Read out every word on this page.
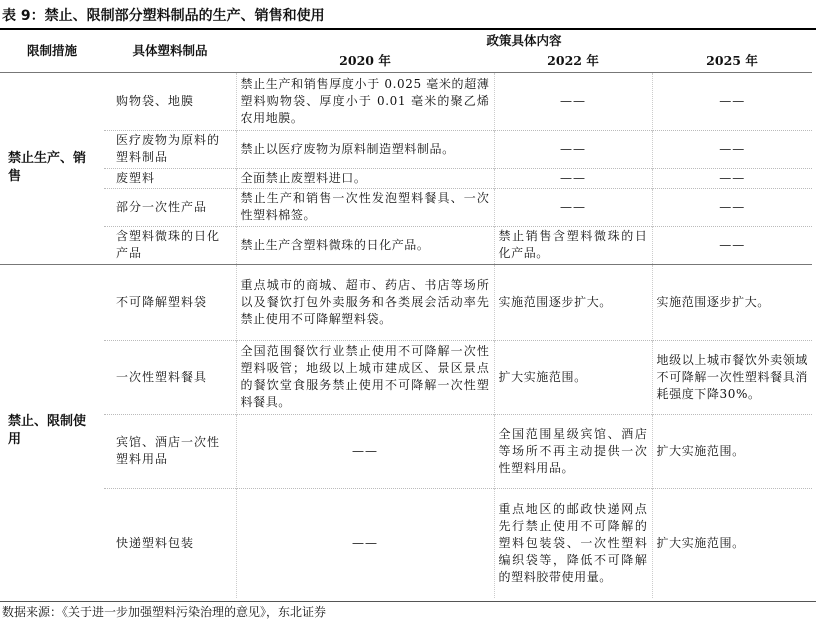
表 9：禁止、限制部分塑料制品的生产、销售和使用
限制措施	具体塑料制品	政策具体内容		
		2020 年	2022 年	2025 年
禁止生产、销售	购物袋、地膜	禁止生产和销售厚度小于 0.025 毫米的超薄塑料购物袋、厚度小于 0.01 毫米的聚乙烯农用地膜。	——	——
	医疗废物为原料的塑料制品	禁止以医疗废物为原料制造塑料制品。	——	——
	废塑料	全面禁止废塑料进口。	——	——
	部分一次性产品	禁止生产和销售一次性发泡塑料餐具、一次性塑料棉签。	——	——
	含塑料微珠的日化产品	禁止生产含塑料微珠的日化产品。	禁止销售含塑料微珠的日化产品。	——
禁止、限制使用	不可降解塑料袋	重点城市的商城、超市、药店、书店等场所以及餐饮打包外卖服务和各类展会活动率先禁止使用不可降解塑料袋。	实施范围逐步扩大。	实施范围逐步扩大。
	一次性塑料餐具	全国范围餐饮行业禁止使用不可降解一次性塑料吸管；地级以上城市建成区、景区景点的餐饮堂食服务禁止使用不可降解一次性塑料餐具。	扩大实施范围。	地级以上城市餐饮外卖领域不可降解一次性塑料餐具消耗强度下降30%。
	宾馆、酒店一次性塑料用品	——	全国范围星级宾馆、酒店等场所不再主动提供一次性塑料用品。	扩大实施范围。
	快递塑料包装	——	重点地区的邮政快递网点先行禁止使用不可降解的塑料包装袋、一次性塑料编织袋等，降低不可降解的塑料胶带使用量。	扩大实施范围。
数据来源：《关于进一步加强塑料污染治理的意见》，东北证券
